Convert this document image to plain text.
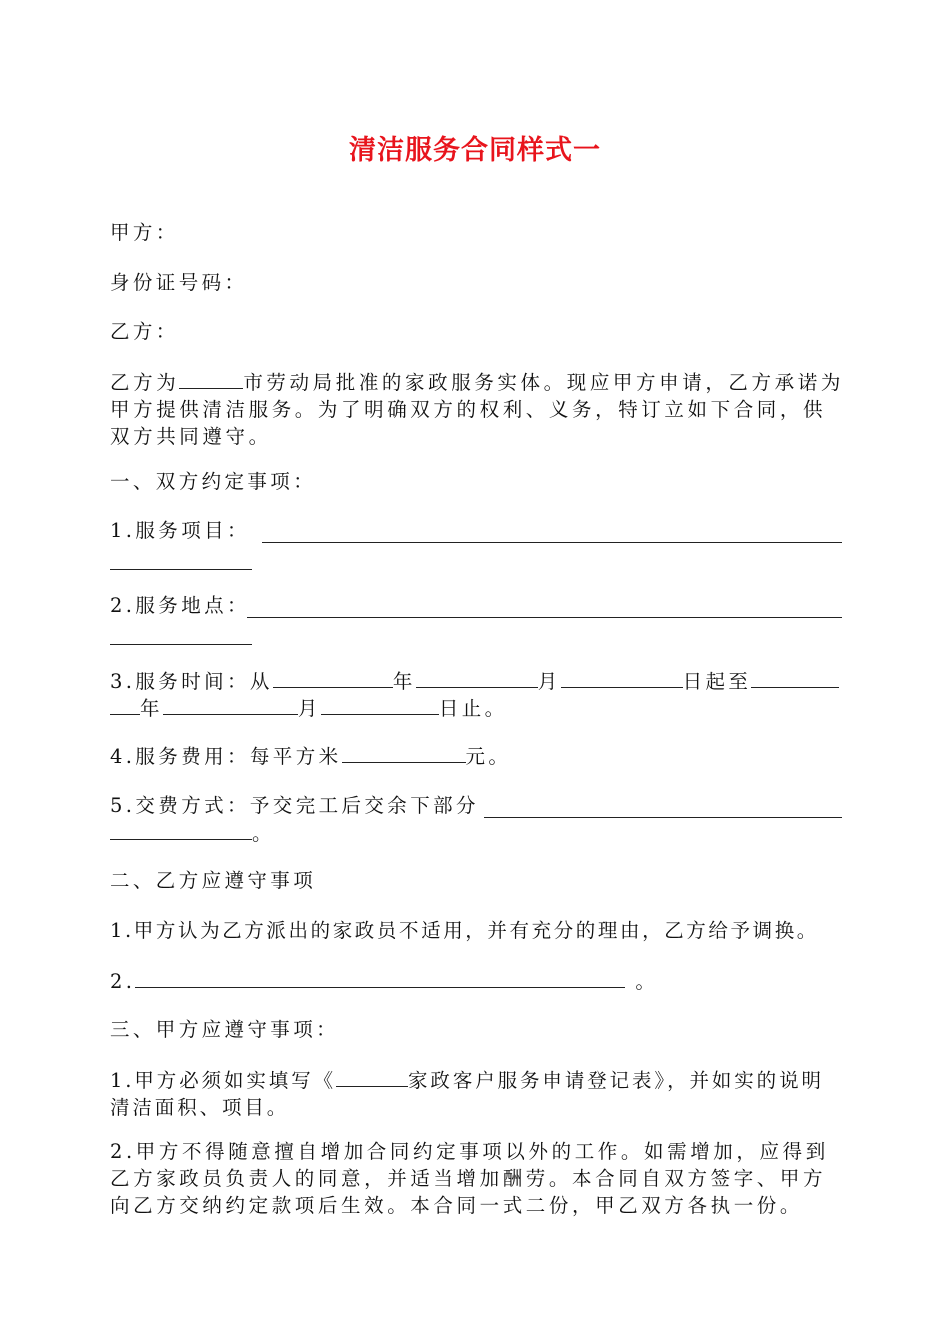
清洁服务合同样式一
甲方：
身份证号码：
乙方：
乙方为	市劳动局批准的家政服务实体。现应甲方申请，乙方承诺为甲方提供清洁服务。为了明确双方的权利、义务，特订立如下合同，供双方共同遵守。
一、双方约定事项：
1.服务项目：
2.服务地点：
3.服务时间：从	年	月	日起至
年	月	日止。
4.服务费用：每平方米	元。
5.交费方式：予交完工后交余下部分
。
二、乙方应遵守事项
1.甲方认为乙方派出的家政员不适用，并有充分的理由，乙方给予调换。
2.	。
三、甲方应遵守事项：
1.甲方必须如实填写《	家政客户服务申请登记表》，并如实的说明清洁面积、项目。
2.甲方不得随意擅自增加合同约定事项以外的工作。如需增加，应得到乙方家政员负责人的同意，并适当增加酬劳。本合同自双方签字、甲方向乙方交纳约定款项后生效。本合同一式二份，甲乙双方各执一份。
